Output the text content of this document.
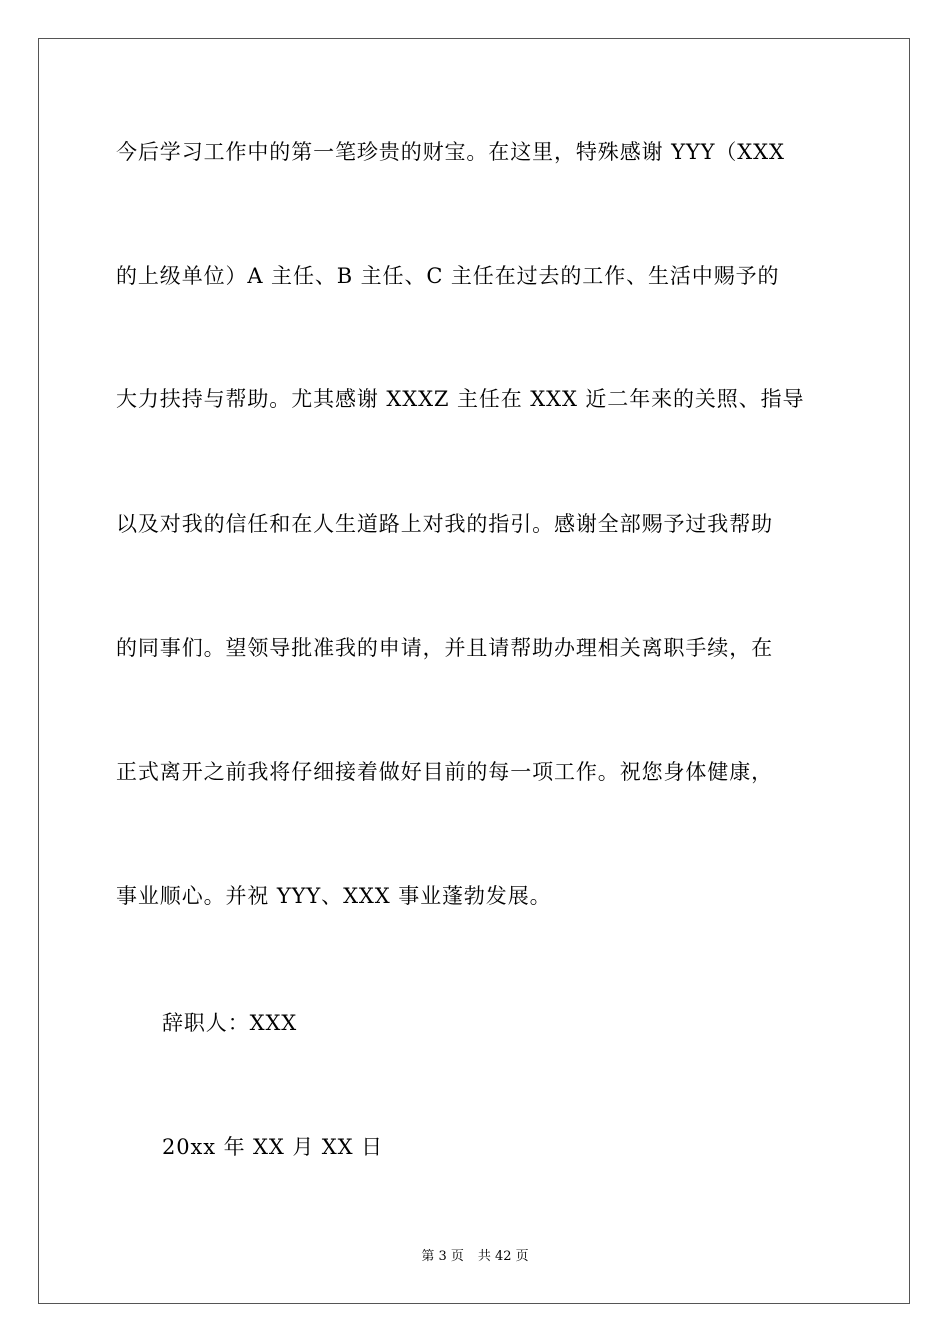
今后学习工作中的第一笔珍贵的财宝。在这里，特殊感谢 YYY（XXX
的上级单位）A 主任、B 主任、C 主任在过去的工作、生活中赐予的
大力扶持与帮助。尤其感谢 XXXZ 主任在 XXX 近二年来的关照、指导
以及对我的信任和在人生道路上对我的指引。感谢全部赐予过我帮助
的同事们。望领导批准我的申请，并且请帮助办理相关离职手续，在
正式离开之前我将仔细接着做好目前的每一项工作。祝您身体健康，
事业顺心。并祝 YYY、XXX 事业蓬勃发展。
辞职人：XXX
20xx 年 XX 月 XX 日
第 3 页 共 42 页
